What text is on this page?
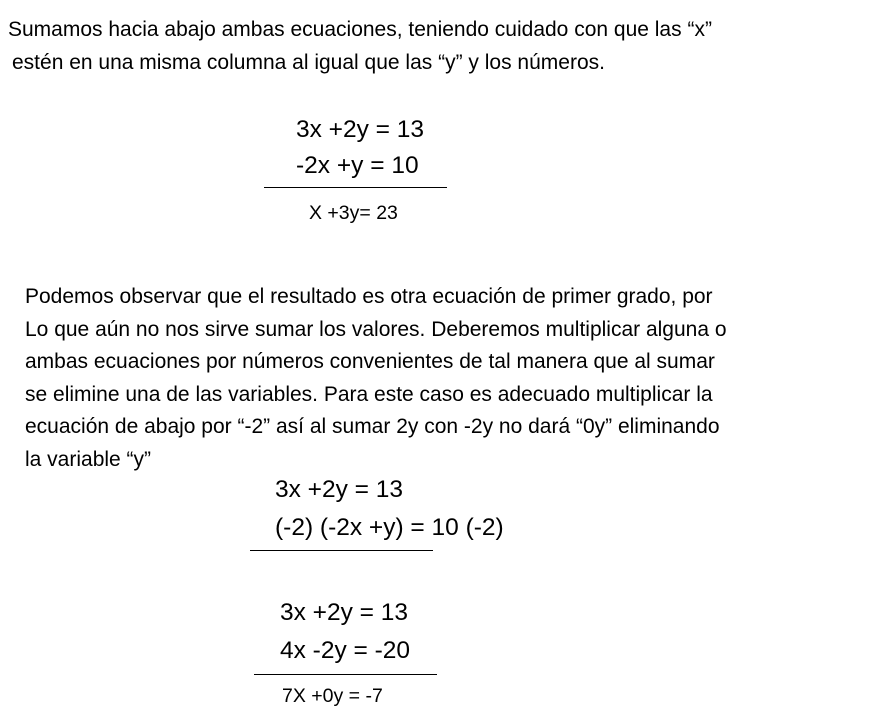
Sumamos hacia abajo ambas ecuaciones, teniendo cuidado con que las “x”
estén en una misma columna al igual que las “y” y los números.
3x +2y = 13
-2x +y = 10
X +3y= 23
Podemos observar que el resultado es otra ecuación de primer grado, por
Lo que aún no nos sirve sumar los valores. Deberemos multiplicar alguna o
ambas ecuaciones por números convenientes de tal manera que al sumar
se elimine una de las variables. Para este caso es adecuado multiplicar la
ecuación de abajo por “-2” así al sumar 2y con -2y no dará “0y” eliminando
la variable “y”
3x +2y = 13
(-2) (-2x +y) = 10 (-2)
3x +2y = 13
4x -2y = -20
7X +0y = -7
